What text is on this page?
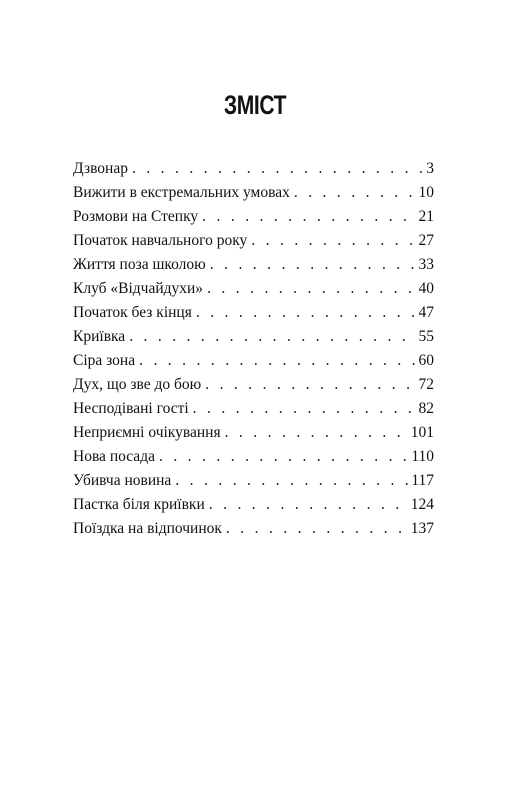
ЗМІСТ
Дзвонар . . .	3
Вижити в екстремальних умовах . . .	10
Розмови на Степку . . .	21
Початок навчального року . . .	27
Життя поза школою . . .	33
Клуб «Відчайдухи» . . .	40
Початок без кінця . . .	47
Криївка . . .	55
Сіра зона . . .	60
Дух, що зве до бою . . .	72
Несподівані гості . . .	82
Неприємні очікування . . .	101
Нова посада . . .	110
Убивча новина . . .	117
Пастка біля криївки . . .	124
Поїздка на відпочинок . . .	137
